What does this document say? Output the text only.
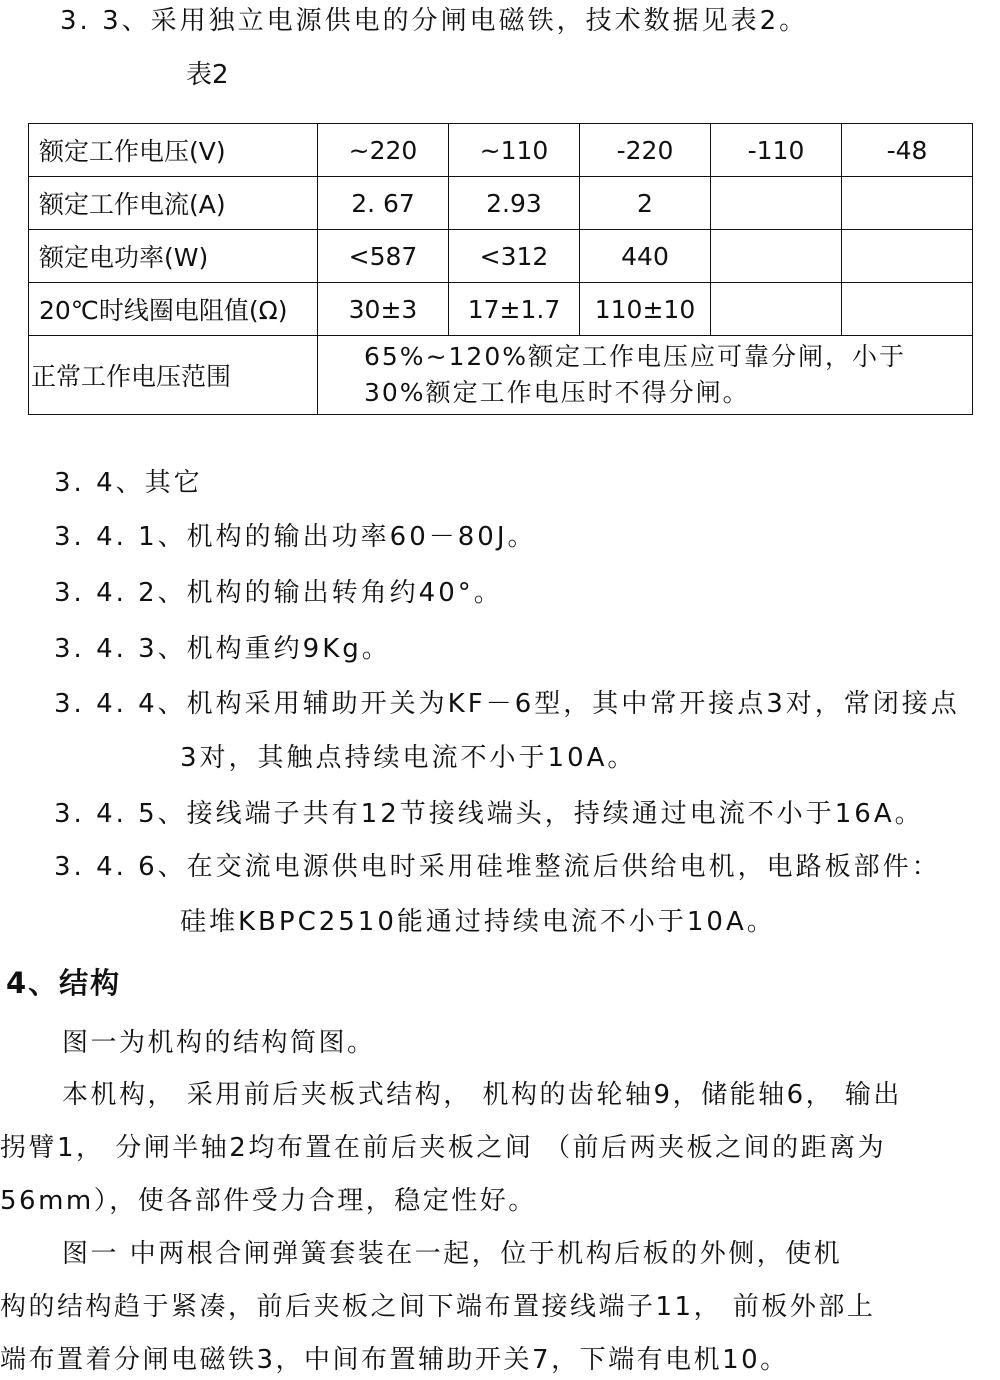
3. 3、采用独立电源供电的分闸电磁铁，技术数据见表2。
表2
额定工作电压(V)	~220	~110	-220	-110	-48
额定工作电流(A)	2. 67	2.93	2		
额定电功率(W)	<587	<312	440		
20℃时线圈电阻值(Ω)	30±3	17±1.7	110±10		
正常工作电压范围	65%~120%额定工作电压应可靠分闸，小于
30%额定工作电压时不得分闸。				
3. 4、其它
3. 4. 1、机构的输出功率60－80J。
3. 4. 2、机构的输出转角约40°。
3. 4. 3、机构重约9Kg。
3. 4. 4、机构采用辅助开关为KF－6型，其中常开接点3对，常闭接点
3对，其触点持续电流不小于10A。
3. 4. 5、接线端子共有12节接线端头，持续通过电流不小于16A。
3. 4. 6、在交流电源供电时采用硅堆整流后供给电机，电路板部件：
硅堆KBPC2510能通过持续电流不小于10A。
4、结构
图一为机构的结构简图。
本机构， 采用前后夹板式结构， 机构的齿轮轴9，储能轴6， 输出
拐臂1， 分闸半轴2均布置在前后夹板之间 （前后两夹板之间的距离为
56mm），使各部件受力合理，稳定性好。
图一 中两根合闸弹簧套装在一起，位于机构后板的外侧，使机
构的结构趋于紧凑，前后夹板之间下端布置接线端子11， 前板外部上
端布置着分闸电磁铁3，中间布置辅助开关7，下端有电机10。
